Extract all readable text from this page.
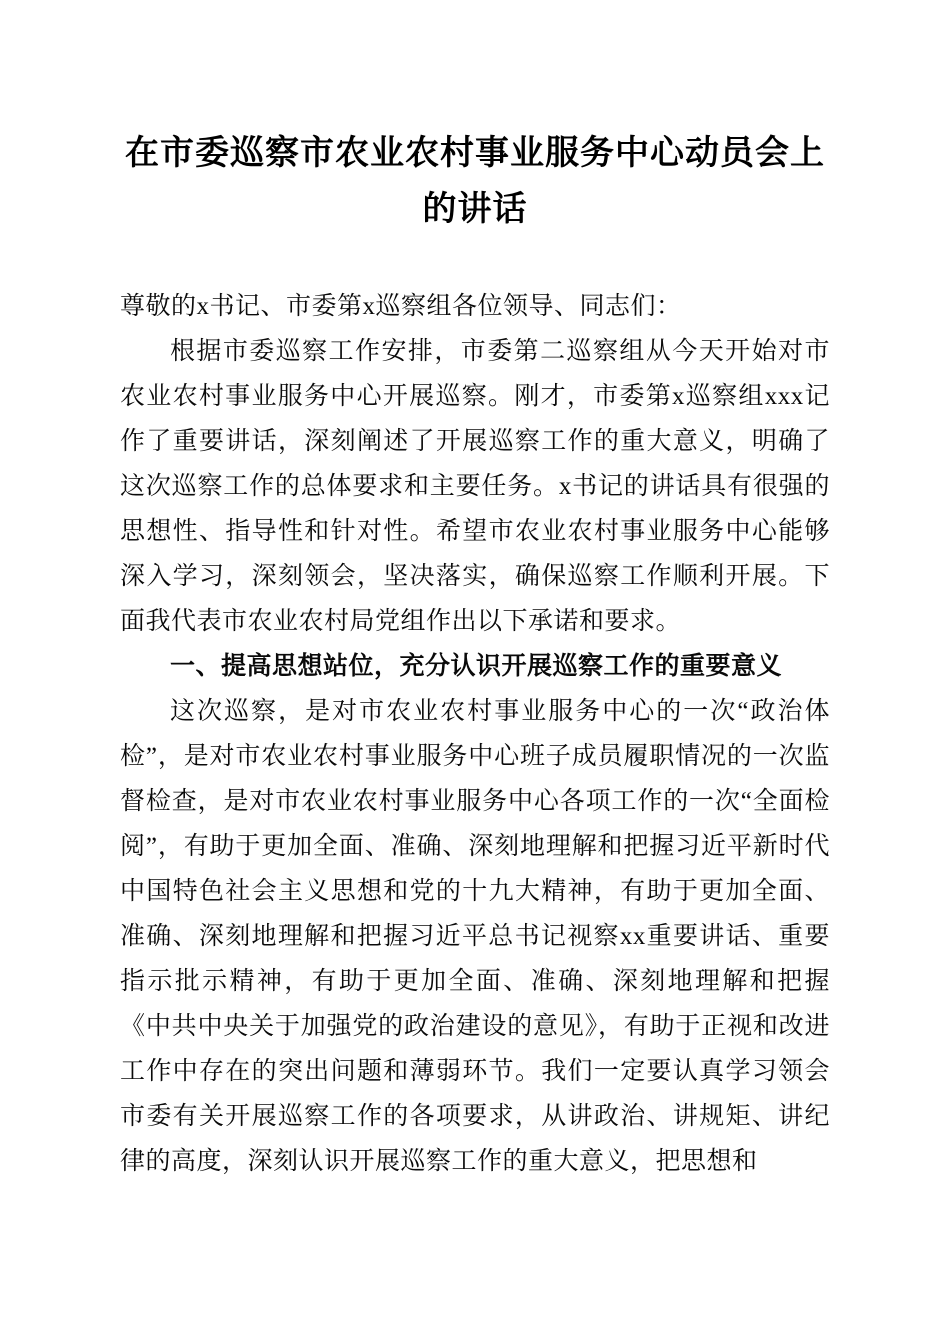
在市委巡察市农业农村事业服务中心动员会上的讲话

尊敬的x书记、市委第x巡察组各位领导、同志们：

根据市委巡察工作安排，市委第二巡察组从今天开始对市农业农村事业服务中心开展巡察。刚才，市委第x巡察组xxx记作了重要讲话，深刻阐述了开展巡察工作的重大意义，明确了这次巡察工作的总体要求和主要任务。x书记的讲话具有很强的思想性、指导性和针对性。希望市农业农村事业服务中心能够深入学习，深刻领会，坚决落实，确保巡察工作顺利开展。下面我代表市农业农村局党组作出以下承诺和要求。

一、提高思想站位，充分认识开展巡察工作的重要意义

这次巡察，是对市农业农村事业服务中心的一次“政治体检”，是对市农业农村事业服务中心班子成员履职情况的一次监督检查，是对市农业农村事业服务中心各项工作的一次“全面检阅”，有助于更加全面、准确、深刻地理解和把握习近平新时代中国特色社会主义思想和党的十九大精神，有助于更加全面、准确、深刻地理解和把握习近平总书记视察xx重要讲话、重要指示批示精神，有助于更加全面、准确、深刻地理解和把握《中共中央关于加强党的政治建设的意见》，有助于正视和改进工作中存在的突出问题和薄弱环节。我们一定要认真学习领会市委有关开展巡察工作的各项要求，从讲政治、讲规矩、讲纪律的高度，深刻认识开展巡察工作的重大意义，把思想和
